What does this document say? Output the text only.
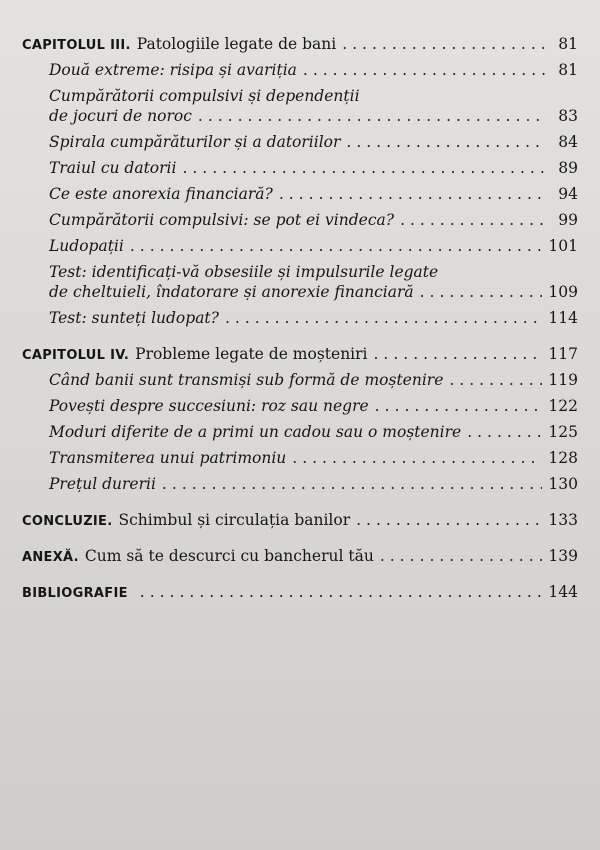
CAPITOLUL III. Patologiile legate de bani .....	81
Două extreme: risipa și avariția .....	81
Cumpărătorii compulsivi și dependenții
de jocuri de noroc .....	83
Spirala cumpărăturilor și a datoriilor .....	84
Traiul cu datorii .....	89
Ce este anorexia financiară? .....	94
Cumpărătorii compulsivi: se pot ei vindeca? .....	99
Ludopații .....	101
Test: identificați-vă obsesiile și impulsurile legate
de cheltuieli, îndatorare și anorexie financiară .....	109
Test: sunteți ludopat? .....	114
CAPITOLUL IV. Probleme legate de moșteniri .....	117
Când banii sunt transmiși sub formă de moștenire .....	119
Povești despre succesiuni: roz sau negre .....	122
Moduri diferite de a primi un cadou sau o moștenire .....	125
Transmiterea unui patrimoniu .....	128
Prețul durerii .....	130
CONCLUZIE. Schimbul și circulația banilor .....	133
ANEXĂ. Cum să te descurci cu bancherul tău .....	139
BIBLIOGRAFIE .....	144
